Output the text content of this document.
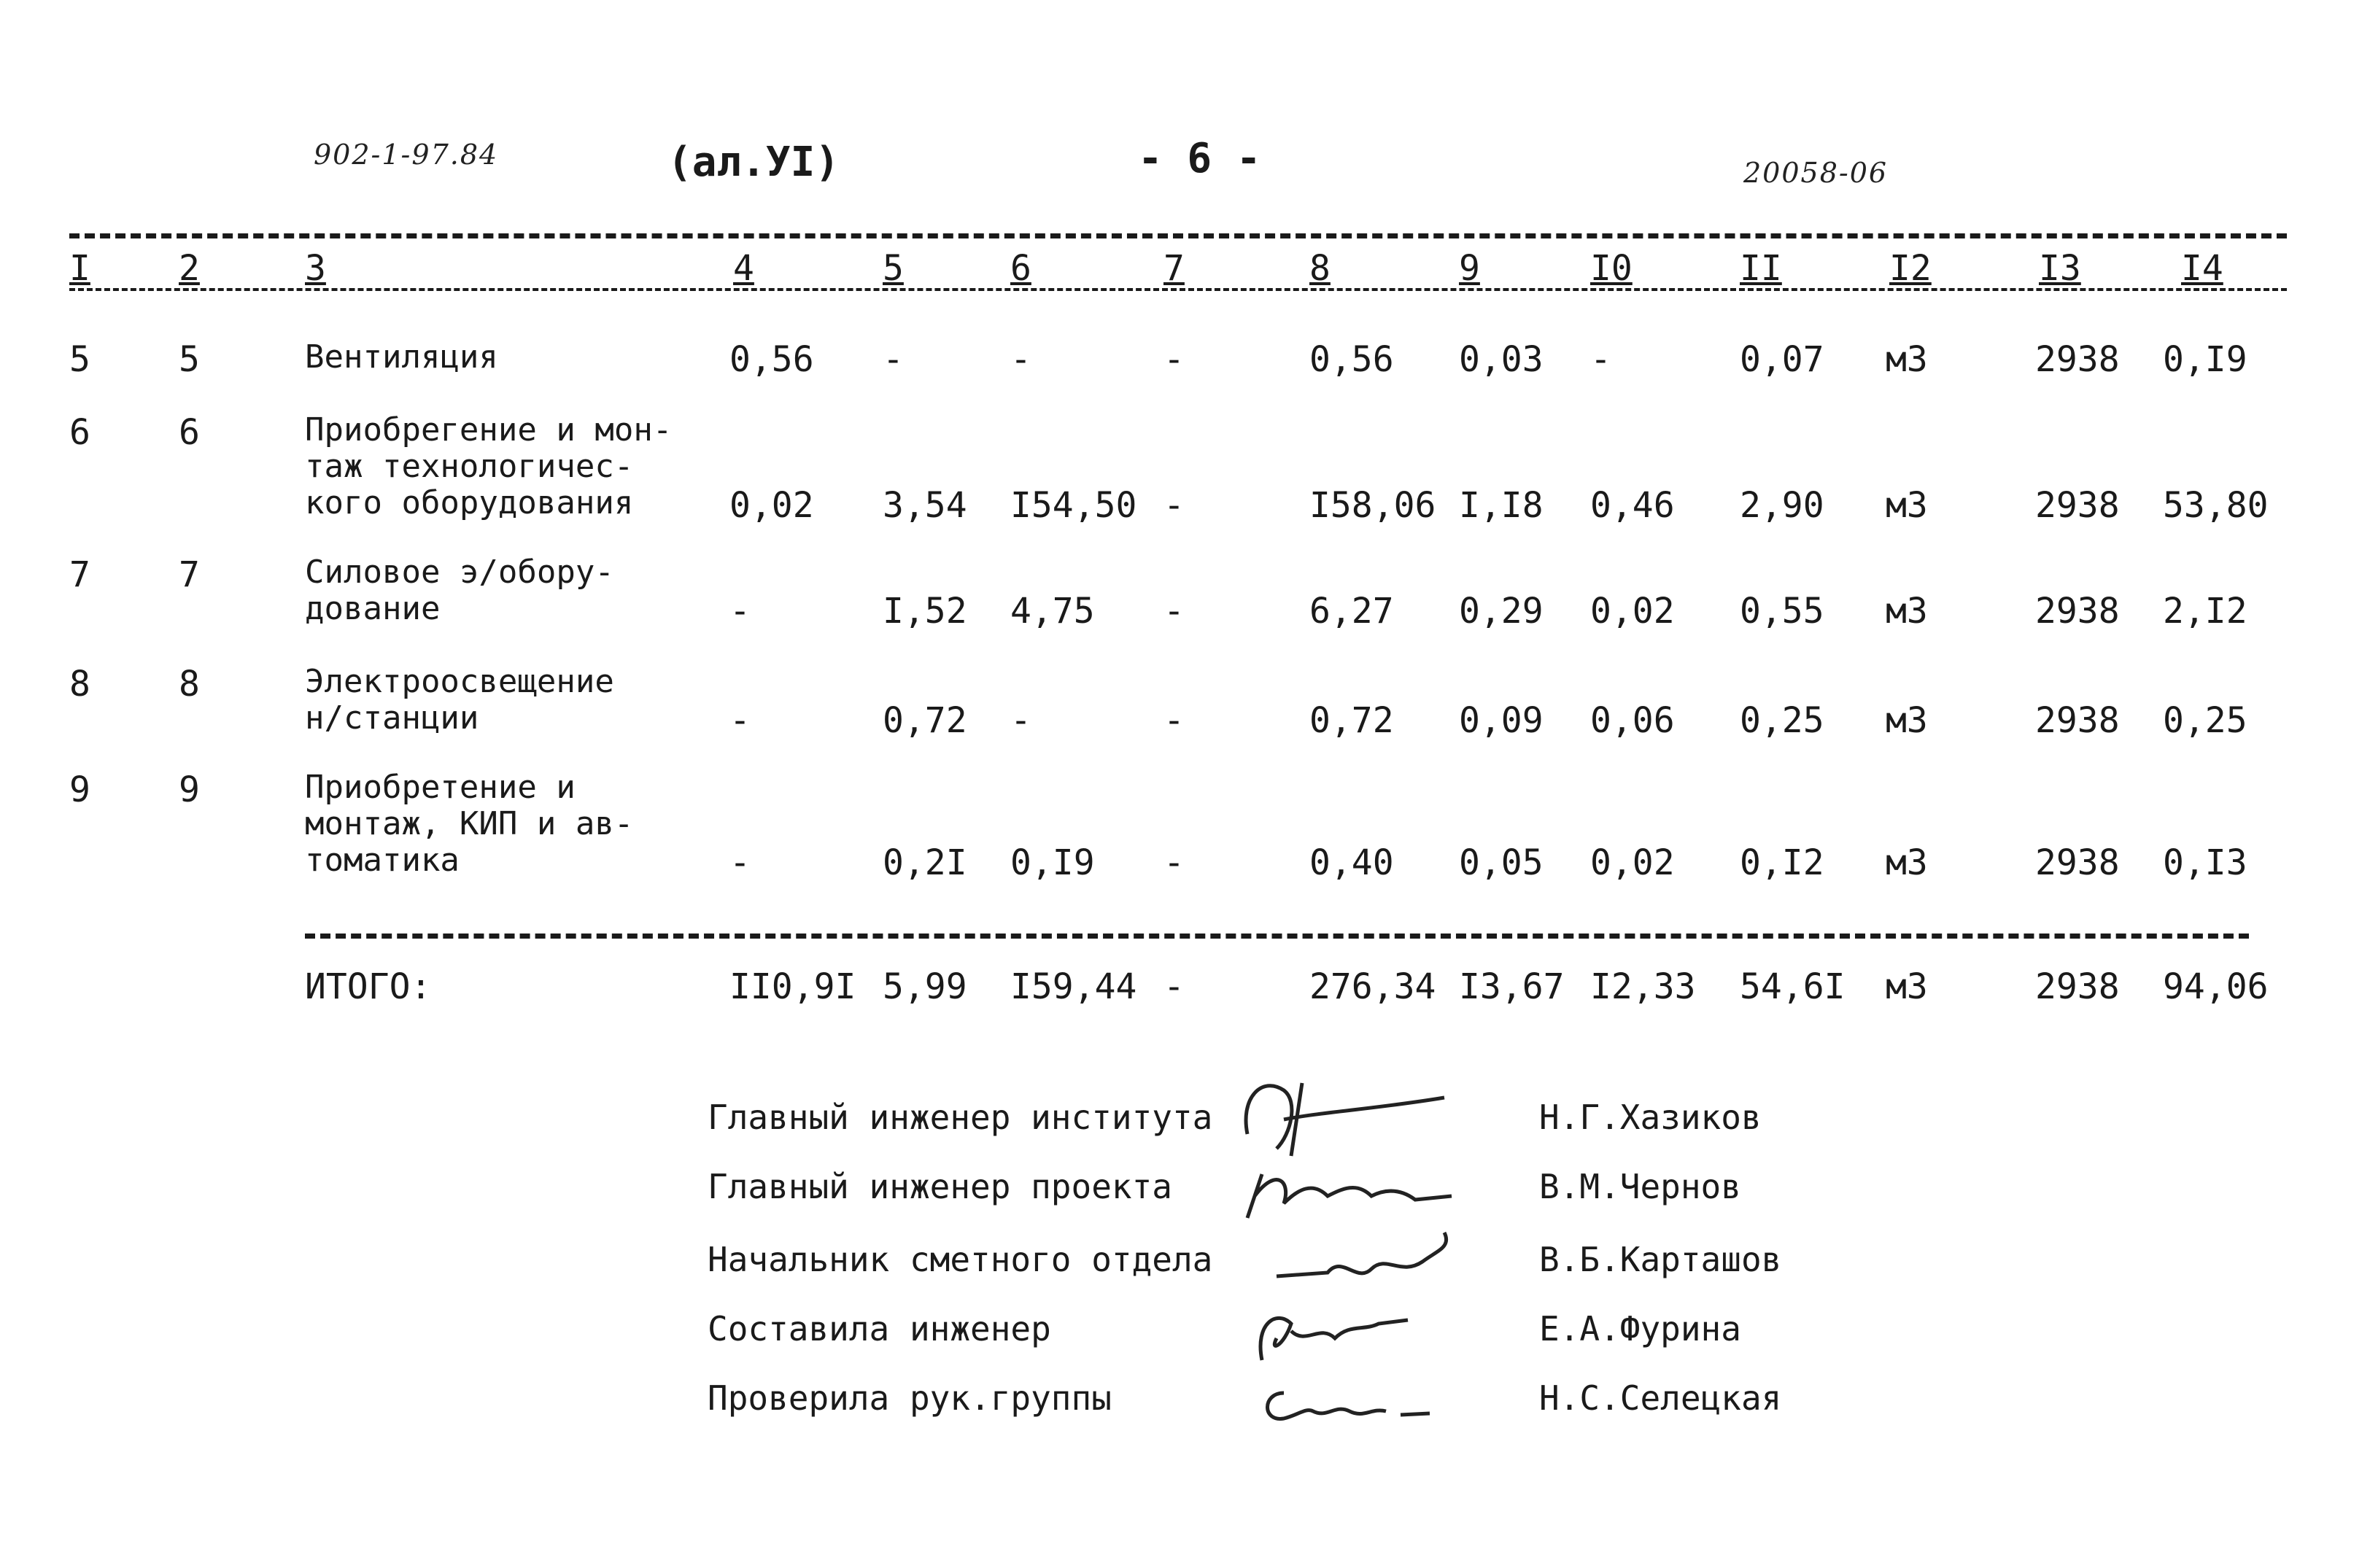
902-1-97.84	(ал.УI)	- 6 -	20058-06
I	2	3	4	5	6	7	8	9	I0	II	I2	I3	I4
5	5	Вентиляция	0,56 -	-	-	0,56 0,03 -	0,07 м3	2938 0,I9
6	6	Приобрегение и мон-
таж технологичес-
кого оборудования	0,02 3,54 I54,50 -	I58,06 I,I8 0,46 2,90 м3	2938 53,80
7	7	Силовое э/обору-
дование	-	I,52 4,75 -	6,27 0,29 0,02 0,55 м3	2938 2,I2
8	8	Электроосвещение
н/станции	-	0,72 -	-	0,72 0,09 0,06 0,25 м3	2938 0,25
9	9	Приобретение и
монтаж, КИП и ав-
томатика	-	0,2I 0,I9 -	0,40 0,05 0,02 0,I2 м3	2938 0,I3
ИТОГО:	II0,9I 5,99 I59,44 -	276,34 I3,67 I2,33 54,6I м3	2938 94,06
Главный инженер института	Н.Г.Хазиков
Главный инженер проекта	В.М.Чернов
Начальник сметного отдела	В.Б.Карташов
Составила инженер	Е.А.Фурина
Проверила рук.группы	Н.С.Селецкая
